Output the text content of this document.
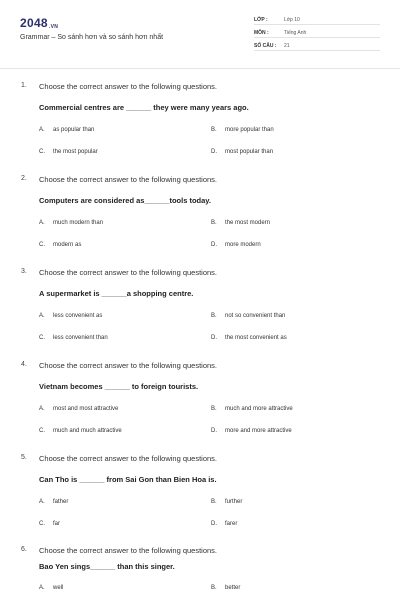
2048.VN
Grammar – So sánh hơn và so sánh hơn nhất
LỚP :	Lớp 10
MÔN :	Tiếng Anh
SỐ CÂU : 21
1. Choose the correct answer to the following questions.
Commercial centres are ______ they were many years ago.
A. as popular than	B. more popular than
C. the most popular	D. most popular than
2. Choose the correct answer to the following questions.
Computers are considered as______tools today.
A. much modern than	B. the most modern
C. modern as	D. more modern
3. Choose the correct answer to the following questions.
A supermarket is ______a shopping centre.
A. less convenient as	B. not so convenient than
C. less convenient than	D. the most convenient as
4. Choose the correct answer to the following questions.
Vietnam becomes ______ to foreign tourists.
A. most and most attractive	B. much and more attractive
C. much and much attractive	D. more and more attractive
5. Choose the correct answer to the following questions.
Can Tho is ______ from Sai Gon than Bien Hoa is.
A. father	B. further
C. far	D. farer
6. Choose the correct answer to the following questions.
Bao Yen sings______ than this singer.
A. well	B. better
